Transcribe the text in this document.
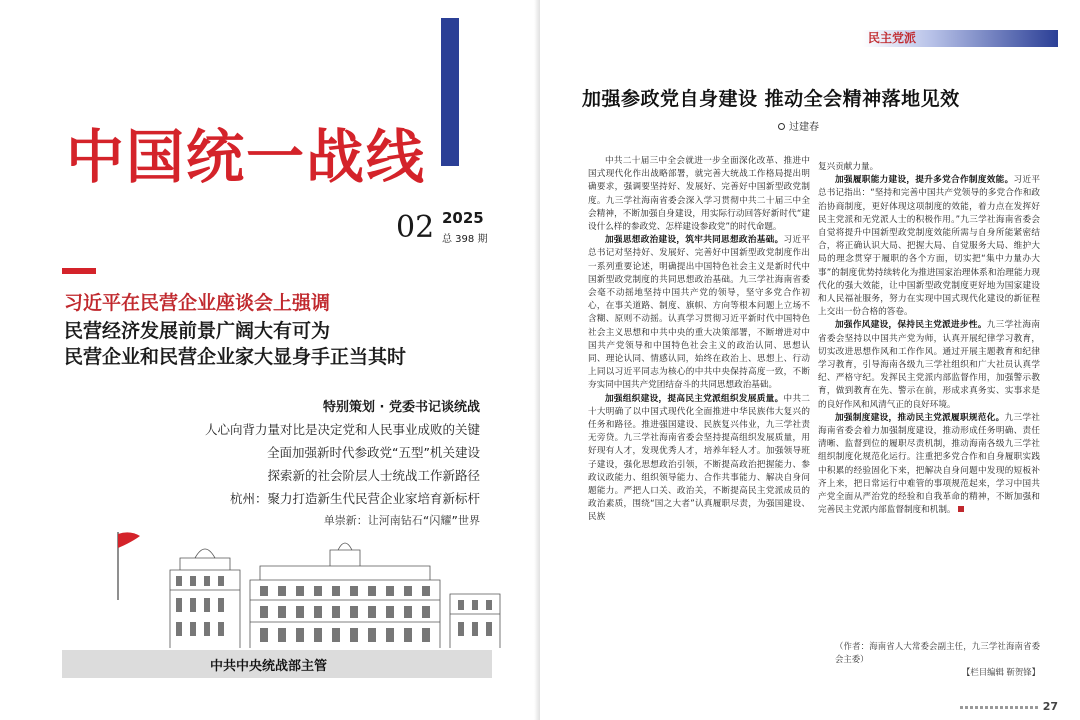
中国统一战线
02 2025
总 398 期
习近平在民营企业座谈会上强调
民营经济发展前景广阔大有可为
民营企业和民营企业家大显身手正当其时
特别策划 · 党委书记谈统战
人心向背力量对比是决定党和人民事业成败的关键
全面加强新时代参政党“五型”机关建设
探索新的社会阶层人士统战工作新路径
杭州：聚力打造新生代民营企业家培育新标杆
单崇新：让河南钻石“闪耀”世界
中共中央统战部主管
民主党派
加强参政党自身建设 推动全会精神落地见效
过建春

中共二十届三中全会就进一步全面深化改革、推进中国式现代化作出战略部署，就完善大统战工作格局提出明确要求，强调要坚持好、发展好、完善好中国新型政党制度。九三学社海南省委会深入学习贯彻中共二十届三中全会精神，不断加强自身建设，用实际行动回答好新时代“建设什么样的参政党、怎样建设参政党”的时代命题。

加强思想政治建设，筑牢共同思想政治基础。习近平总书记对坚持好、发展好、完善好中国新型政党制度作出一系列重要论述，明确提出中国特色社会主义是新时代中国新型政党制度的共同思想政治基础。九三学社海南省委会毫不动摇地坚持中国共产党的领导，坚守多党合作初心，在事关道路、制度、旗帜、方向等根本问题上立场不含糊、原则不动摇。认真学习贯彻习近平新时代中国特色社会主义思想和中共中央的重大决策部署，不断增进对中国共产党领导和中国特色社会主义的政治认同、思想认同、理论认同、情感认同，始终在政治上、思想上、行动上同以习近平同志为核心的中共中央保持高度一致，不断夯实同中国共产党团结奋斗的共同思想政治基础。

加强组织建设，提高民主党派组织发展质量。中共二十大明确了以中国式现代化全面推进中华民族伟大复兴的任务和路径。推进强国建设、民族复兴伟业，九三学社责无旁贷。九三学社海南省委会坚持提高组织发展质量，用好现有人才，发现优秀人才，培养年轻人才。加强领导班子建设，强化思想政治引领，不断提高政治把握能力、参政议政能力、组织领导能力、合作共事能力、解决自身问题能力。严把人口关、政治关，不断提高民主党派成员的政治素质，围绕“国之大者”认真履职尽责，为强国建设、民族

复兴贡献力量。

加强履职能力建设，提升多党合作制度效能。习近平总书记指出：“坚持和完善中国共产党领导的多党合作和政治协商制度，更好体现这项制度的效能，着力点在发挥好民主党派和无党派人士的积极作用。”九三学社海南省委会自觉将提升中国新型政党制度效能所需与自身所能紧密结合，将正确认识大局、把握大局、自觉服务大局、维护大局的理念贯穿于履职的各个方面，切实把“集中力量办大事”的制度优势持续转化为推进国家治理体系和治理能力现代化的强大效能，让中国新型政党制度更好地为国家建设和人民福祉服务，努力在实现中国式现代化建设的新征程上交出一份合格的答卷。

加强作风建设，保持民主党派进步性。九三学社海南省委会坚持以中国共产党为师，认真开展纪律学习教育，切实改进思想作风和工作作风。通过开展主题教育和纪律学习教育，引导海南各级九三学社组织和广大社员认真学纪、严格守纪。发挥民主党派内部监督作用，加强警示教育，做到教育在先、警示在前，形成求真务实、实事求是的良好作风和风清气正的良好环境。

加强制度建设，推动民主党派履职规范化。九三学社海南省委会着力加强制度建设，推动形成任务明确、责任清晰、监督到位的履职尽责机制，推动海南各级九三学社组织制度化规范化运行。注重把多党合作和自身履职实践中积累的经验固化下来，把解决自身问题中发现的短板补齐上来，把日常运行中难管的事项规范起来，学习中国共产党全面从严治党的经验和自我革命的精神，不断加强和完善民主党派内部监督制度和机制。

（作者：海南省人大常委会副主任，九三学社海南省委会主委）
【栏目编辑 靳贺锋】
27
